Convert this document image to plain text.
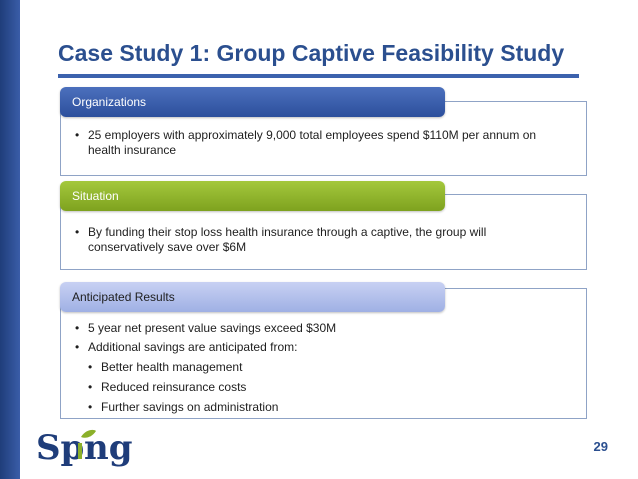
Case Study 1: Group Captive Feasibility Study
• 25 employers with approximately 9,000 total employees spend $110M per annum on health insurance
Organizations
• By funding their stop loss health insurance through a captive, the group will conservatively save over $6M
Situation
• 5 year net present value savings exceed $30M
• Additional savings are anticipated from:
• Better health management
• Reduced reinsurance costs
• Further savings on administration
Anticipated Results
Sp ng	29
